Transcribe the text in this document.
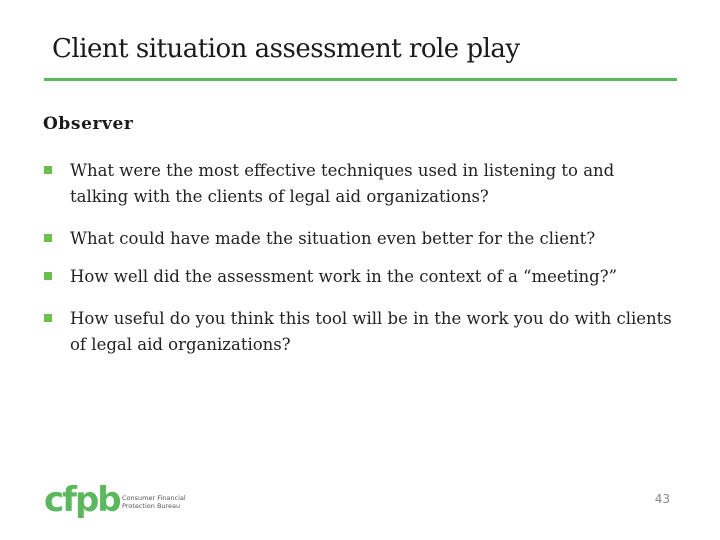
Client situation assessment role play
Observer
What were the most effective techniques used in listening to and talking with the clients of legal aid organizations?
What could have made the situation even better for the client?
How well did the assessment work in the context of a “meeting?”
How useful do you think this tool will be in the work you do with clients of legal aid organizations?
cfpb Consumer Financial
Protection Bureau	43
